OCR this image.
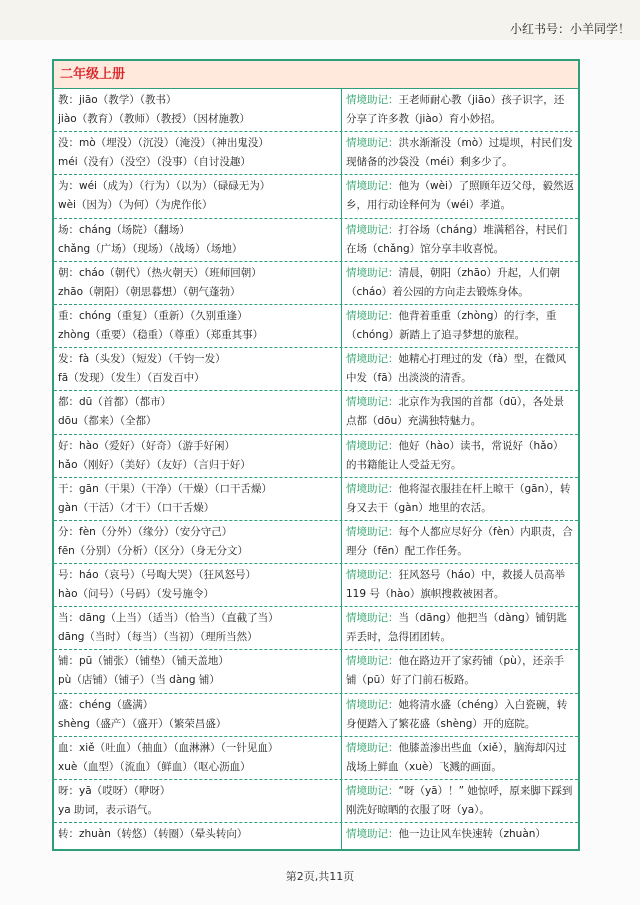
小红书号：小羊同学！
二年级上册
教：jiāo（教学）（教书）
jiào（教育）（教师）（教授）（因材施教）
情境助记：王老师耐心教（jiāo）孩子识字，还分享了许多教（jiào）育小妙招。
没：mò（埋没）（沉没）（淹没）（神出鬼没）
méi（没有）（没空）（没事）（自讨没趣）
情境助记：洪水渐渐没（mò）过堤坝，村民们发现储备的沙袋没（méi）剩多少了。
为：wéi（成为）（行为）（以为）（碌碌无为）
wèi（因为）（为何）（为虎作伥）
情境助记：他为（wèi）了照顾年迈父母，毅然返乡，用行动诠释何为（wéi）孝道。
场：cháng（场院）（翻场）
chǎng（广场）（现场）（战场）（场地）
情境助记：打谷场（cháng）堆满稻谷，村民们在场（chǎng）馆分享丰收喜悦。
朝：cháo（朝代）（热火朝天）（班师回朝）
zhāo（朝阳）（朝思暮想）（朝气蓬勃）
情境助记：清晨，朝阳（zhāo）升起，人们朝（cháo）着公园的方向走去锻炼身体。
重：chóng（重复）（重新）（久别重逢）
zhòng（重要）（稳重）（尊重）（郑重其事）
情境助记：他背着重重（zhòng）的行李，重（chóng）新踏上了追寻梦想的旅程。
发：fà（头发）（短发）（千钧一发）
fā（发现）（发生）（百发百中）
情境助记：她精心打理过的发（fà）型，在微风中发（fā）出淡淡的清香。
都：dū（首都）（都市）
dōu（都来）（全都）
情境助记：北京作为我国的首都（dū），各处景点都（dōu）充满独特魅力。
好：hào（爱好）（好奇）（游手好闲）
hǎo（刚好）（美好）（友好）（言归于好）
情境助记：他好（hào）读书，常说好（hǎo）的书籍能让人受益无穷。
干：gān（干果）（干净）（干燥）（口干舌燥）
gàn（干活）（才干）（口干舌燥）
情境助记：他将湿衣服挂在杆上晾干（gān），转身又去干（gàn）地里的农活。
分：fèn（分外）（缘分）（安分守己）
fēn（分别）（分析）（区分）（身无分文）
情境助记：每个人都应尽好分（fèn）内职责，合理分（fēn）配工作任务。
号：háo（哀号）（号啕大哭）（狂风怒号）
hào（问号）（号码）（发号施令）
情境助记：狂风怒号（háo）中，救援人员高举 119 号（hào）旗帜搜救被困者。
当：dāng（上当）（适当）（恰当）（直截了当）
dāng（当时）（每当）（当初）（理所当然）
情境助记：当（dāng）他把当（dàng）铺钥匙弄丢时，急得团团转。
铺：pū（铺张）（铺垫）（铺天盖地）
pù（店铺）（铺子）（当 dàng 铺）
情境助记：他在路边开了家药铺（pù），还亲手铺（pū）好了门前石板路。
盛：chéng（盛满）
shèng（盛产）（盛开）（繁荣昌盛）
情境助记：她将清水盛（chéng）入白瓷碗，转身便踏入了繁花盛（shèng）开的庭院。
血：xiě（吐血）（抽血）（血淋淋）（一针见血）
xuè（血型）（流血）（鲜血）（呕心沥血）
情境助记：他膝盖渗出些血（xiě），脑海却闪过战场上鲜血（xuè）飞溅的画面。
呀：yā（哎呀）（咿呀）
ya 助词，表示语气。
情境助记：“呀（yā）！” 她惊呼，原来脚下踩到刚洗好晾晒的衣服了呀（ya）。
转：zhuàn（转悠）（转圈）（晕头转向）	情境助记：他一边让风车快速转（zhuàn）
第2页,共11页
